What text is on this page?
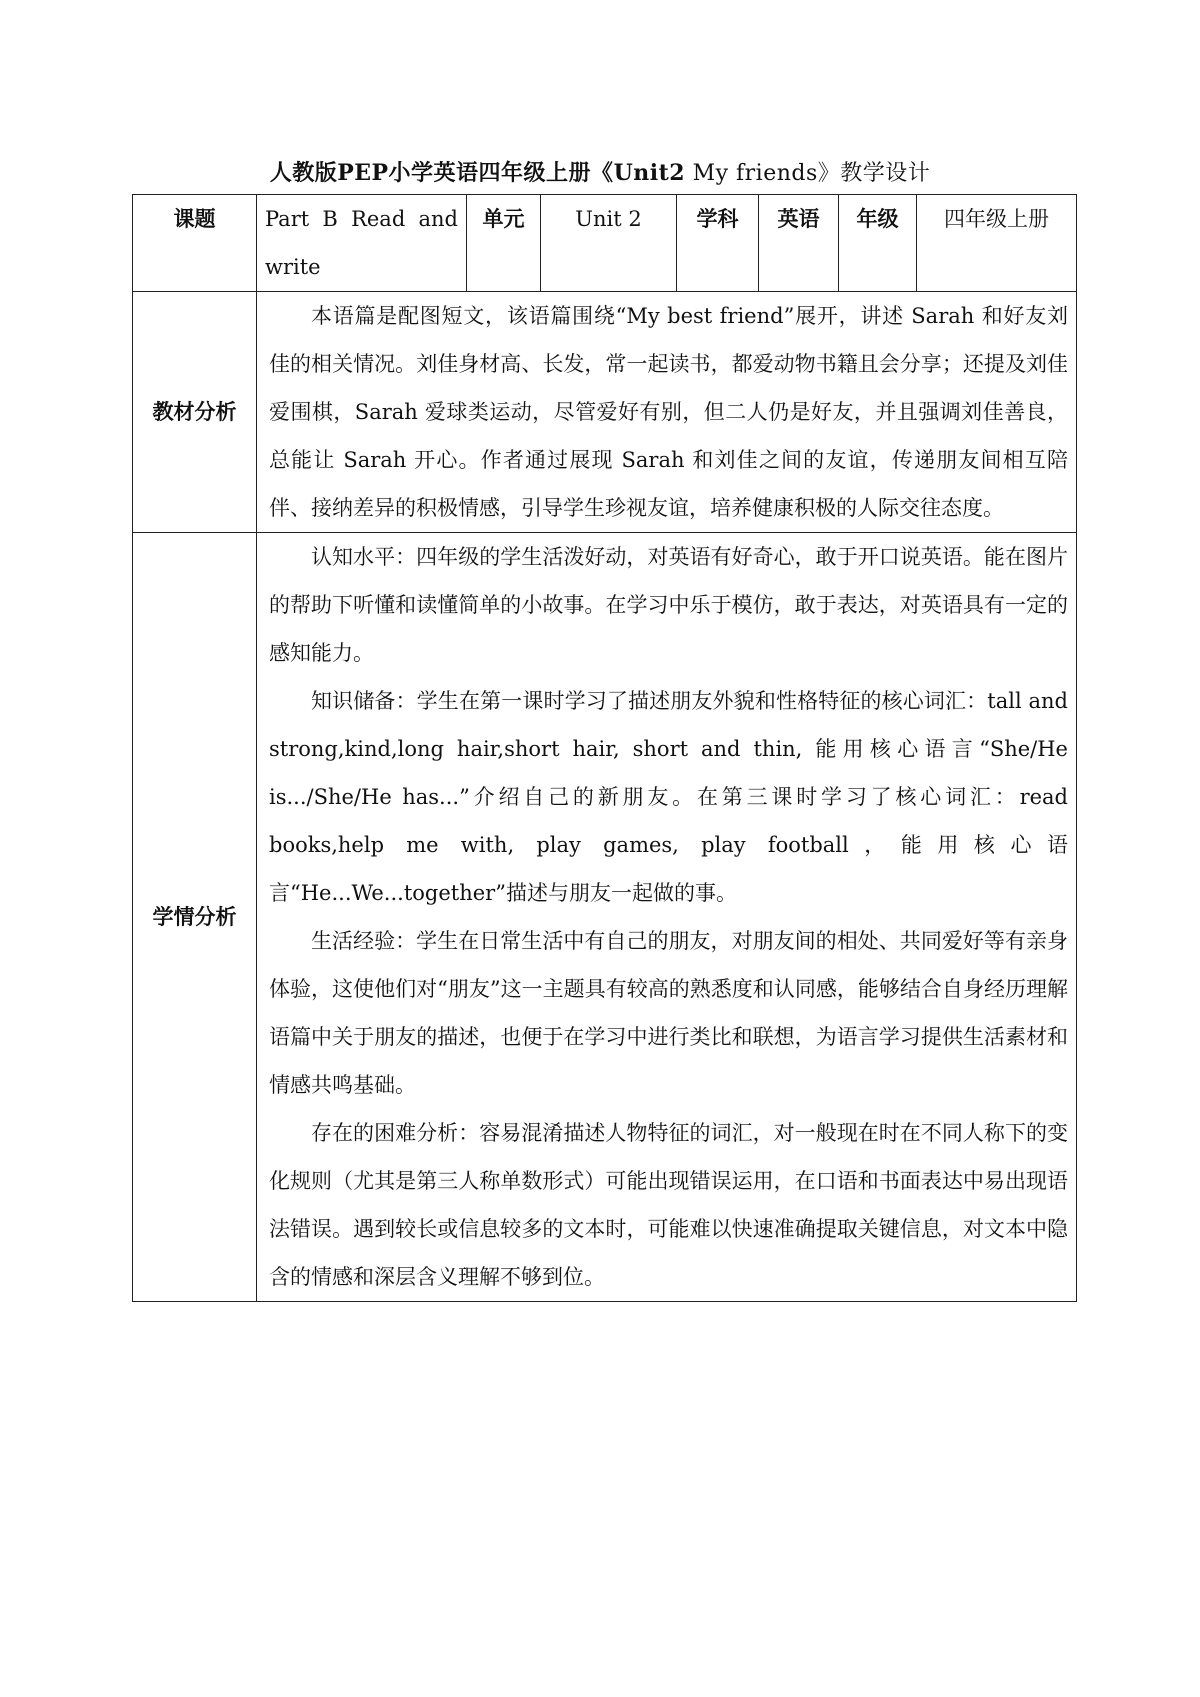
人教版PEP小学英语四年级上册《Unit2 My friends》教学设计
课题	Part B Read and write	单元	Unit 2	学科	英语	年级	四年级上册
教材分析	本语篇是配图短文，该语篇围绕“My best friend”展开，讲述 Sarah 和好友刘佳的相关情况。刘佳身材高、长发，常一起读书，都爱动物书籍且会分享；还提及刘佳爱围棋，Sarah 爱球类运动，尽管爱好有别，但二人仍是好友，并且强调刘佳善良，总能让 Sarah 开心。作者通过展现 Sarah 和刘佳之间的友谊，传递朋友间相互陪伴、接纳差异的积极情感，引导学生珍视友谊，培养健康积极的人际交往态度。						

学情分析	认知水平：四年级的学生活泼好动，对英语有好奇心，敢于开口说英语。能在图片的帮助下听懂和读懂简单的小故事。在学习中乐于模仿，敢于表达，对英语具有一定的感知能力。

知识储备：学生在第一课时学习了描述朋友外貌和性格特征的核心词汇：tall and strong,kind,long hair,short hair, short and thin, 能用核心语言“She/He is.../She/He has...”介绍自己的新朋友。在第三课时学习了核心词汇：read books,help me with, play games, play football，能用核心语言“He...We...together”描述与朋友一起做的事。

生活经验：学生在日常生活中有自己的朋友，对朋友间的相处、共同爱好等有亲身体验，这使他们对“朋友”这一主题具有较高的熟悉度和认同感，能够结合自身经历理解语篇中关于朋友的描述，也便于在学习中进行类比和联想，为语言学习提供生活素材和情感共鸣基础。

存在的困难分析：容易混淆描述人物特征的词汇，对一般现在时在不同人称下的变化规则（尤其是第三人称单数形式）可能出现错误运用，在口语和书面表达中易出现语法错误。遇到较长或信息较多的文本时，可能难以快速准确提取关键信息，对文本中隐含的情感和深层含义理解不够到位。						
